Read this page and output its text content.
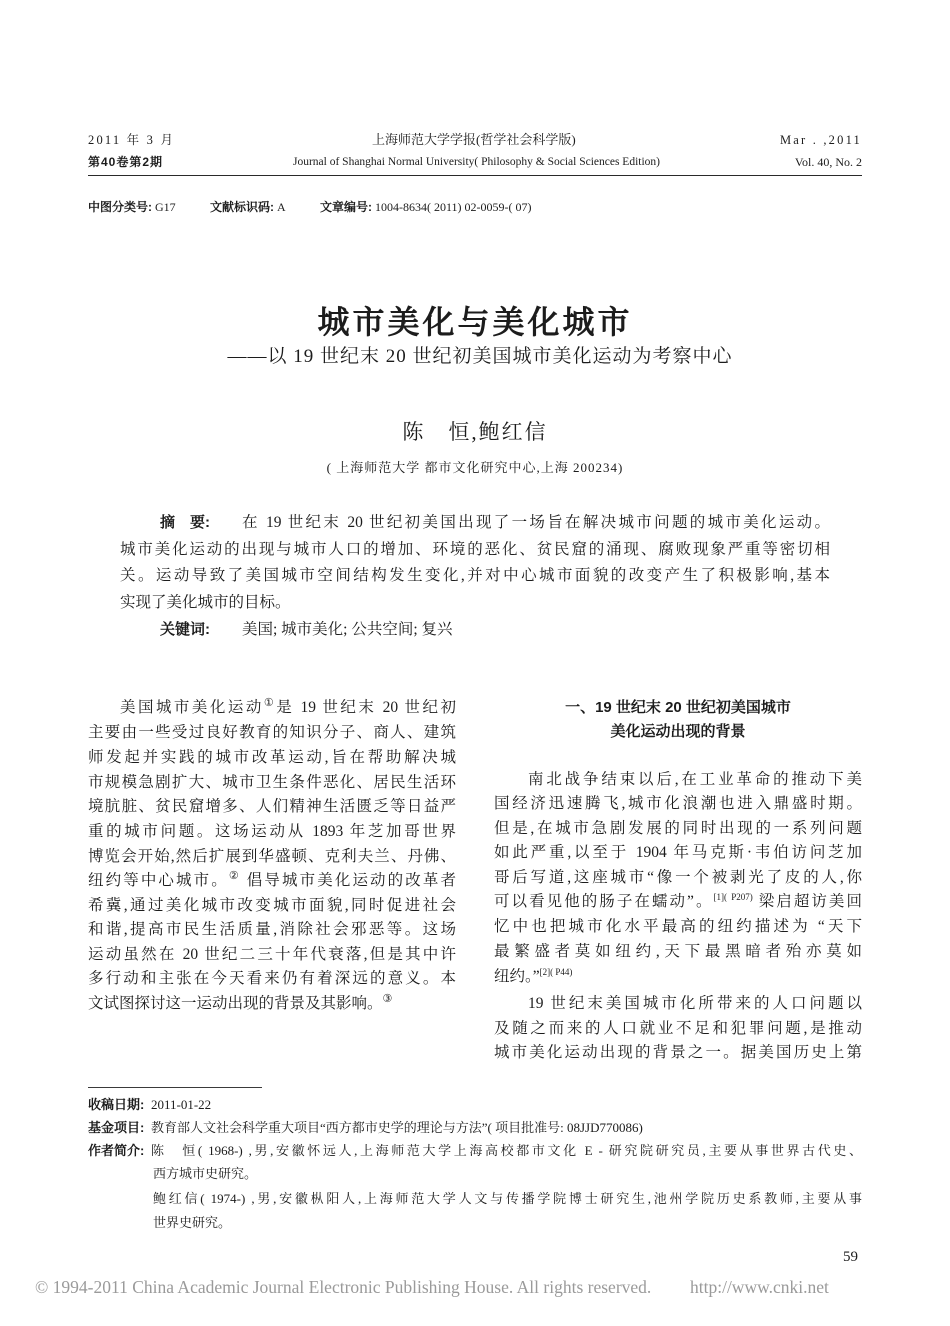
2011 年 3 月
第40卷第2期
上海师范大学学报(哲学社会科学版)
Journal of Shanghai Normal University( Philosophy & Social Sciences Edition)
Mar . ,2011
Vol. 40, No. 2
中图分类号: G17	文献标识码: A	文章编号: 1004-8634( 2011) 02-0059-( 07)
城市美化与美化城市
——以 19 世纪末 20 世纪初美国城市美化运动为考察中心
陈　恒,鲍红信
( 上海师范大学 都市文化研究中心,上海 200234)
摘　要: 在 19 世纪末 20 世纪初美国出现了一场旨在解决城市问题的城市美化运动。
城市美化运动的出现与城市人口的增加、环境的恶化、贫民窟的涌现、腐败现象严重等密切相
关。运动导致了美国城市空间结构发生变化,并对中心城市面貌的改变产生了积极影响,基本
实现了美化城市的目标。
关键词: 美国; 城市美化; 公共空间; 复兴
美国城市美化运动①是 19 世纪末 20 世纪初
主要由一些受过良好教育的知识分子、商人、建筑
师发起并实践的城市改革运动,旨在帮助解决城
市规模急剧扩大、城市卫生条件恶化、居民生活环
境肮脏、贫民窟增多、人们精神生活匮乏等日益严
重的城市问题。这场运动从 1893 年芝加哥世界
博览会开始,然后扩展到华盛顿、克利夫兰、丹佛、
纽约等中心城市。② 倡导城市美化运动的改革者
希冀,通过美化城市改变城市面貌,同时促进社会
和谐,提高市民生活质量,消除社会邪恶等。这场
运动虽然在 20 世纪二三十年代衰落,但是其中许
多行动和主张在今天看来仍有着深远的意义。本
文试图探讨这一运动出现的背景及其影响。③
一、19 世纪末 20 世纪初美国城市
美化运动出现的背景
南北战争结束以后,在工业革命的推动下美
国经济迅速腾飞,城市化浪潮也进入鼎盛时期。
但是,在城市急剧发展的同时出现的一系列问题
如此严重,以至于 1904 年马克斯·韦伯访问芝加
哥后写道,这座城市“像一个被剥光了皮的人,你
可以看见他的肠子在蠕动”。$^{[1]( P207)}$ 梁启超访美回
忆中也把城市化水平最高的纽约描述为 “天下
最繁盛者莫如纽约,天下最黑暗者殆亦莫如
纽约。”$^{[2]( P44)}$
19 世纪末美国城市化所带来的人口问题以
及随之而来的人口就业不足和犯罪问题,是推动
城市美化运动出现的背景之一。据美国历史上第
收稿日期: 2011-01-22
基金项目: 教育部人文社会科学重大项目“西方都市史学的理论与方法”( 项目批准号: 08JJD770086)
作者简介: 陈　恒( 1968-) ,男,安徽怀远人,上海师范大学上海高校都市文化 E - 研究院研究员,主要从事世界古代史、
西方城市史研究。
鲍红信( 1974-) ,男,安徽枞阳人,上海师范大学人文与传播学院博士研究生,池州学院历史系教师,主要从事
世界史研究。
59
© 1994-2011 China Academic Journal Electronic Publishing House. All rights reserved. http://www.cnki.net
